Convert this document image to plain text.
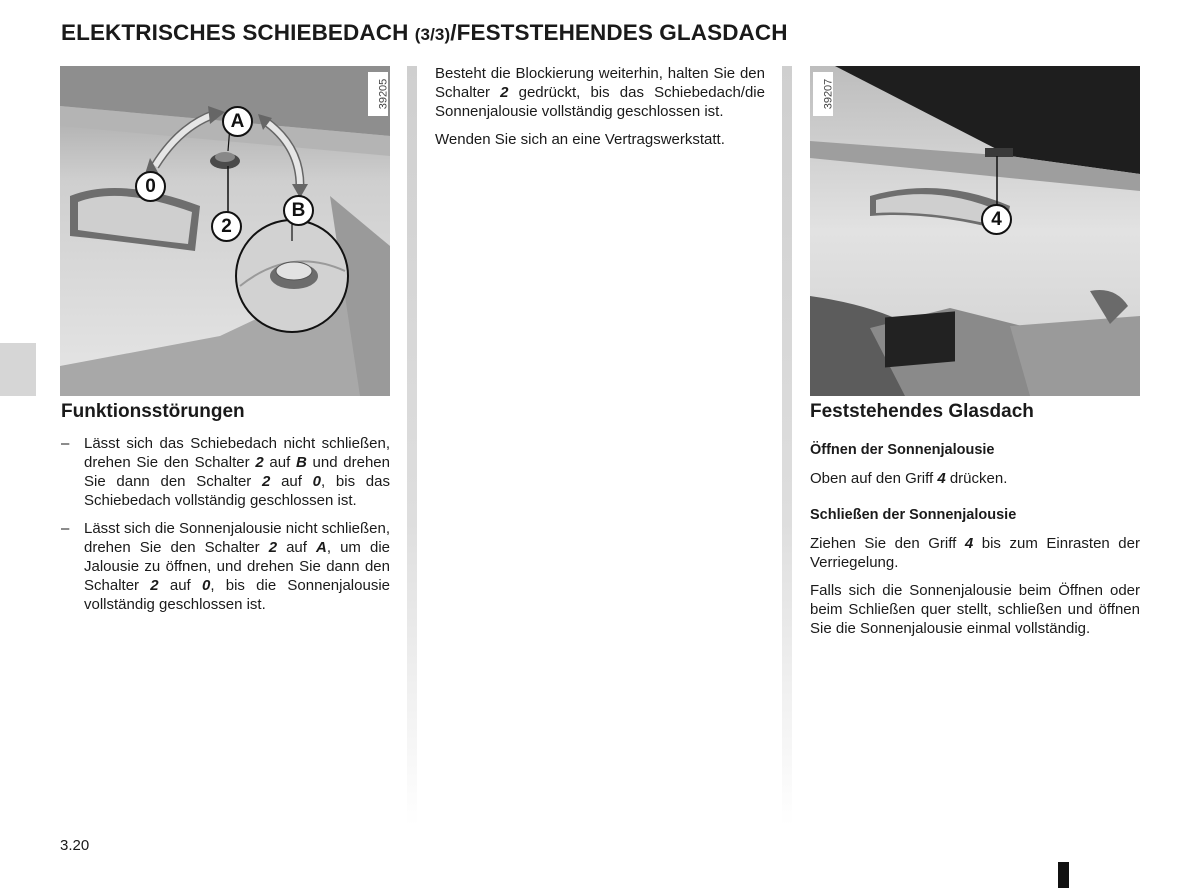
ELEKTRISCHES SCHIEBEDACH (3/3)/FESTSTEHENDES GLASDACH
A
B
0
2
39205
4
39207
Funktionsstörungen
– Lässt sich das Schiebedach nicht schließen, drehen Sie den Schalter 2 auf B und drehen Sie dann den Schalter 2 auf 0, bis das Schiebedach vollständig geschlossen ist.
– Lässt sich die Sonnenjalousie nicht schließen, drehen Sie den Schalter 2 auf A, um die Jalousie zu öffnen, und drehen Sie dann den Schalter 2 auf 0, bis die Sonnenjalousie vollständig geschlossen ist.

Besteht die Blockierung weiterhin, halten Sie den Schalter 2 gedrückt, bis das Schiebedach/die Sonnenjalousie vollständig geschlossen ist.

Wenden Sie sich an eine Vertragswerkstatt.

Feststehendes Glasdach
Öffnen der Sonnenjalousie

Oben auf den Griff 4 drücken.

Schließen der Sonnenjalousie

Ziehen Sie den Griff 4 bis zum Einrasten der Verriegelung.

Falls sich die Sonnenjalousie beim Öffnen oder beim Schließen quer stellt, schließen und öffnen Sie die Sonnenjalousie einmal vollständig.

3.20
